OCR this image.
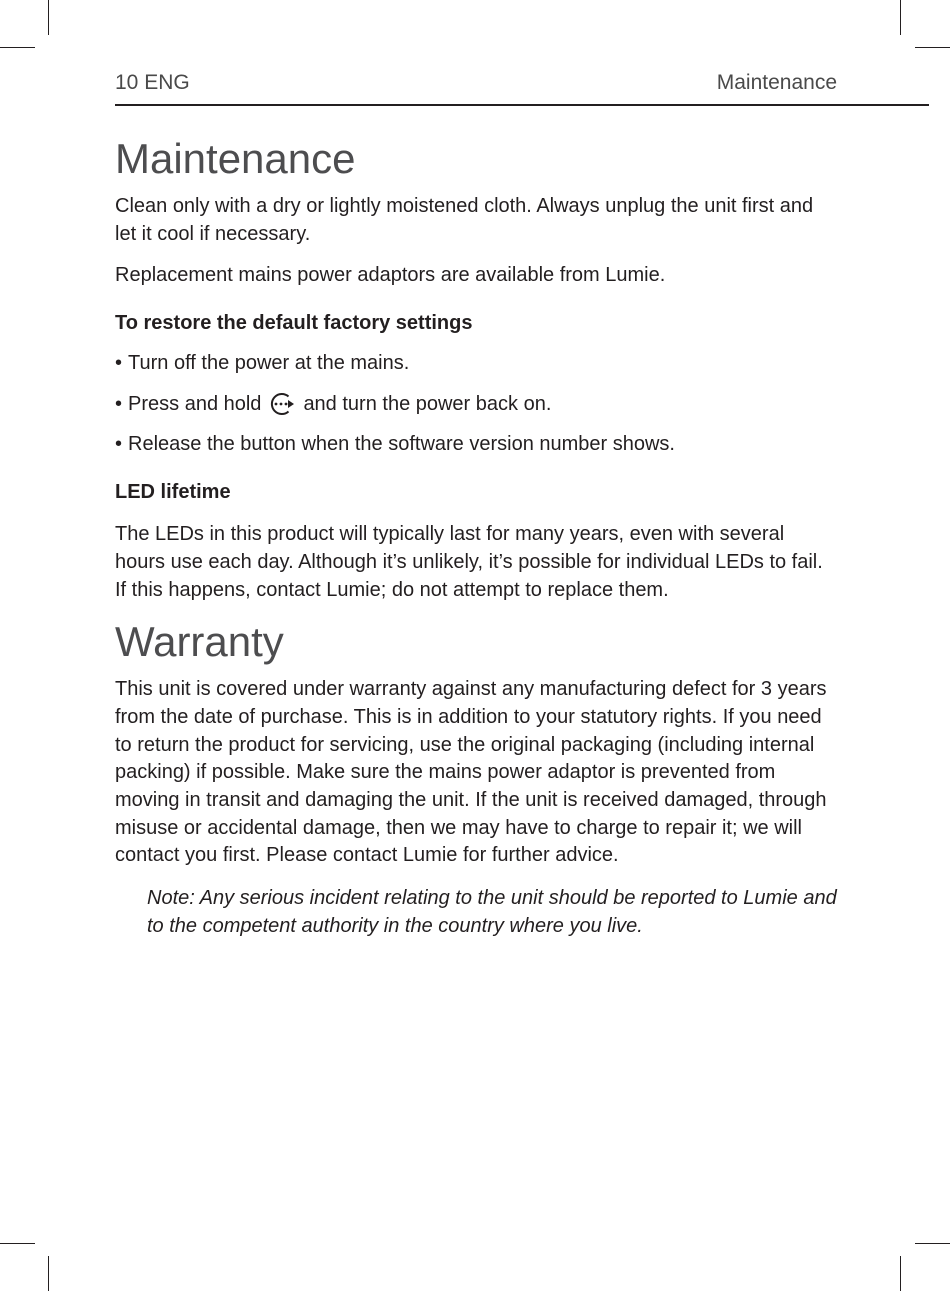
10 ENG	Maintenance
Maintenance

Clean only with a dry or lightly moistened cloth. Always unplug the unit first and let it cool if necessary.

Replacement mains power adaptors are available from Lumie.

To restore the default factory settings

• Turn off the power at the mains.

• Press and hold and turn the power back on.

• Release the button when the software version number shows.

LED lifetime

The LEDs in this product will typically last for many years, even with several hours use each day. Although it’s unlikely, it’s possible for individual LEDs to fail. If this happens, contact Lumie; do not attempt to replace them.

Warranty

This unit is covered under warranty against any manufacturing defect for 3 years from the date of purchase. This is in addition to your statutory rights. If you need to return the product for servicing, use the original packaging (including internal packing) if possible. Make sure the mains power adaptor is prevented from moving in transit and damaging the unit. If the unit is received damaged, through misuse or accidental damage, then we may have to charge to repair it; we will contact you first. Please contact Lumie for further advice.

Note: Any serious incident relating to the unit should be reported to Lumie and to the competent authority in the country where you live.
